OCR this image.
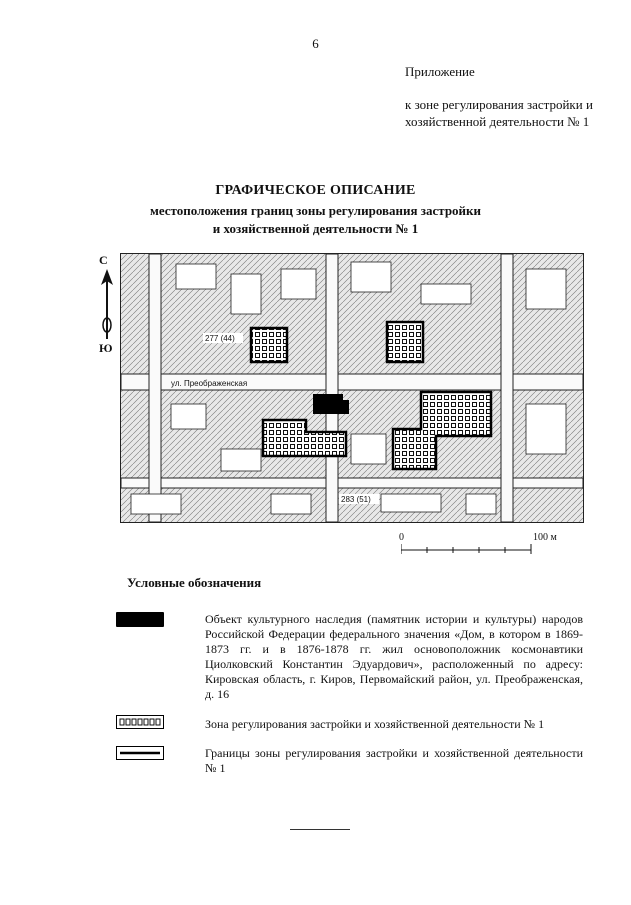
6
Приложение
к зоне регулирования застройки и хозяйственной деятельности № 1
ГРАФИЧЕСКОЕ ОПИСАНИЕ
местоположения границ зоны регулирования застройки
и хозяйственной деятельности № 1
С
Ю
277 (44)
283 (51)
ул. Преображенская
0	100 м
Условные обозначения
Объект культурного наследия (памятник истории и культуры) народов Российской Федерации федерального значения «Дом, в котором в 1869-1873 гг. и в 1876-1878 гг. жил основоположник космонавтики Циолковский Константин Эдуардович», расположенный по адресу: Кировская область, г. Киров, Первомайский район, ул. Преображенская, д. 16
Зона регулирования застройки и хозяйственной деятельности № 1
Границы зоны регулирования застройки и хозяйственной деятельности № 1
